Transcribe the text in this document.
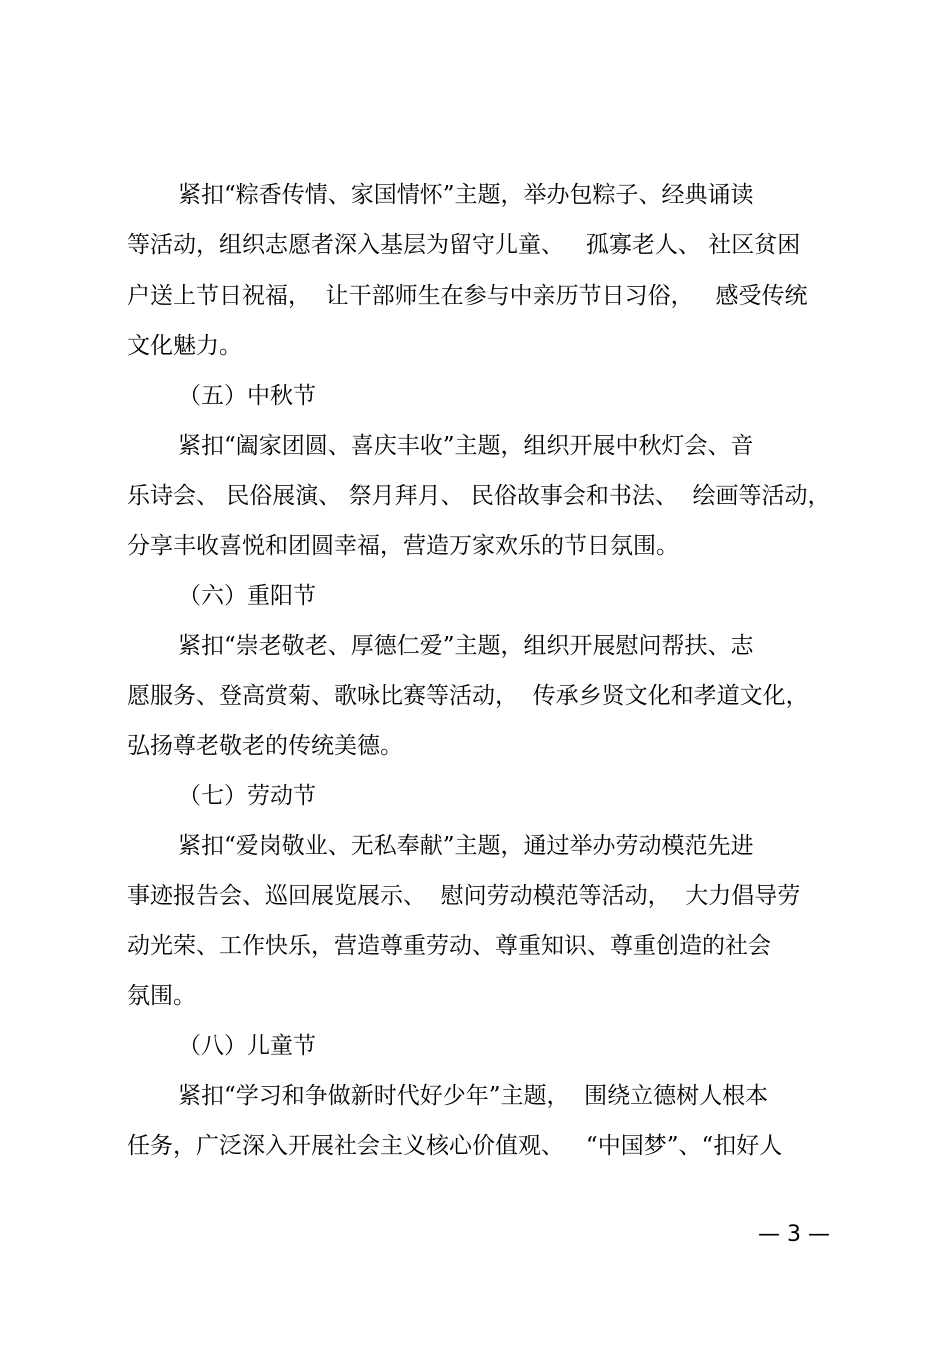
紧扣“粽香传情、家国情怀”主题，举办包粽子、经典诵读
等活动，组织志愿者深入基层为留守儿童、   孤寡老人、 社区贫困
户送上节日祝福，  让干部师生在参与中亲历节日习俗，   感受传统
文化魅力。
（五）中秋节
紧扣“阖家团圆、喜庆丰收”主题，组织开展中秋灯会、音
乐诗会、 民俗展演、 祭月拜月、 民俗故事会和书法、  绘画等活动，
分享丰收喜悦和团圆幸福，营造万家欢乐的节日氛围。
（六）重阳节
紧扣“崇老敬老、厚德仁爱”主题，组织开展慰问帮扶、志
愿服务、登高赏菊、歌咏比赛等活动，  传承乡贤文化和孝道文化，
弘扬尊老敬老的传统美德。
（七）劳动节
紧扣“爱岗敬业、无私奉献”主题，通过举办劳动模范先进
事迹报告会、巡回展览展示、  慰问劳动模范等活动，  大力倡导劳
动光荣、工作快乐，营造尊重劳动、尊重知识、尊重创造的社会
氛围。
（八）儿童节
紧扣“学习和争做新时代好少年”主题，  围绕立德树人根本
任务，广泛深入开展社会主义核心价值观、   “中国梦”、“扣好人
— 3 —
